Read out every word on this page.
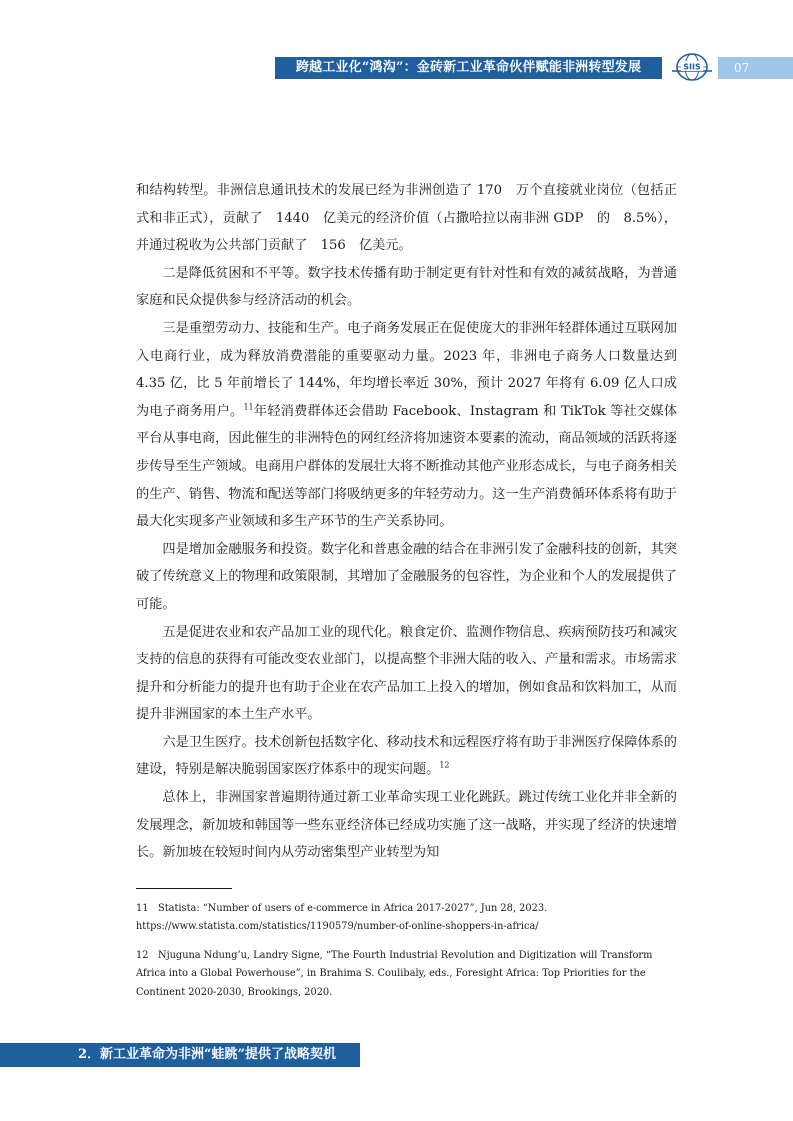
跨越工业化“鸿沟”：金砖新工业革命伙伴赋能非洲转型发展	SIIS	07

和结构转型。非洲信息通讯技术的发展已经为非洲创造了 170　万个直接就业岗位（包括正式和非正式），贡献了　1440　亿美元的经济价值（占撒哈拉以南非洲 GDP　的　8.5%），并通过税收为公共部门贡献了　156　亿美元。

二是降低贫困和不平等。数字技术传播有助于制定更有针对性和有效的减贫战略，为普通家庭和民众提供参与经济活动的机会。

三是重塑劳动力、技能和生产。电子商务发展正在促使庞大的非洲年轻群体通过互联网加入电商行业，成为释放消费潜能的重要驱动力量。2023 年，非洲电子商务人口数量达到 4.35 亿，比 5 年前增长了 144%，年均增长率近 30%，预计 2027 年将有 6.09 亿人口成为电子商务用户。$^{11}$年轻消费群体还会借助 Facebook、Instagram 和 TikTok 等社交媒体平台从事电商，因此催生的非洲特色的网红经济将加速资本要素的流动，商品领域的活跃将逐步传导至生产领域。电商用户群体的发展壮大将不断推动其他产业形态成长，与电子商务相关的生产、销售、物流和配送等部门将吸纳更多的年轻劳动力。这一生产消费循环体系将有助于最大化实现多产业领域和多生产环节的生产关系协同。

四是增加金融服务和投资。数字化和普惠金融的结合在非洲引发了金融科技的创新，其突破了传统意义上的物理和政策限制，其增加了金融服务的包容性，为企业和个人的发展提供了可能。

五是促进农业和农产品加工业的现代化。粮食定价、监测作物信息、疾病预防技巧和减灾支持的信息的获得有可能改变农业部门，以提高整个非洲大陆的收入、产量和需求。市场需求提升和分析能力的提升也有助于企业在农产品加工上投入的增加，例如食品和饮料加工，从而提升非洲国家的本土生产水平。

六是卫生医疗。技术创新包括数字化、移动技术和远程医疗将有助于非洲医疗保障体系的建设，特别是解决脆弱国家医疗体系中的现实问题。$^{12}$

总体上，非洲国家普遍期待通过新工业革命实现工业化跳跃。跳过传统工业化并非全新的发展理念，新加坡和韩国等一些东亚经济体已经成功实施了这一战略，并实现了经济的快速增长。新加坡在较短时间内从劳动密集型产业转型为知

11 Statista: “Number of users of e-commerce in Africa 2017-2027”, Jun 28, 2023. https://www.statista.com/statistics/1190579/number-of-online-shoppers-in-africa/
12 Njuguna Ndung’u, Landry Signe, “The Fourth Industrial Revolution and Digitization will Transform Africa into a Global Powerhouse”, in Brahima S. Coulibaly, eds., Foresight Africa: Top Priorities for the Continent 2020-2030, Brookings, 2020.
2．新工业革命为非洲“蛙跳”提供了战略契机
